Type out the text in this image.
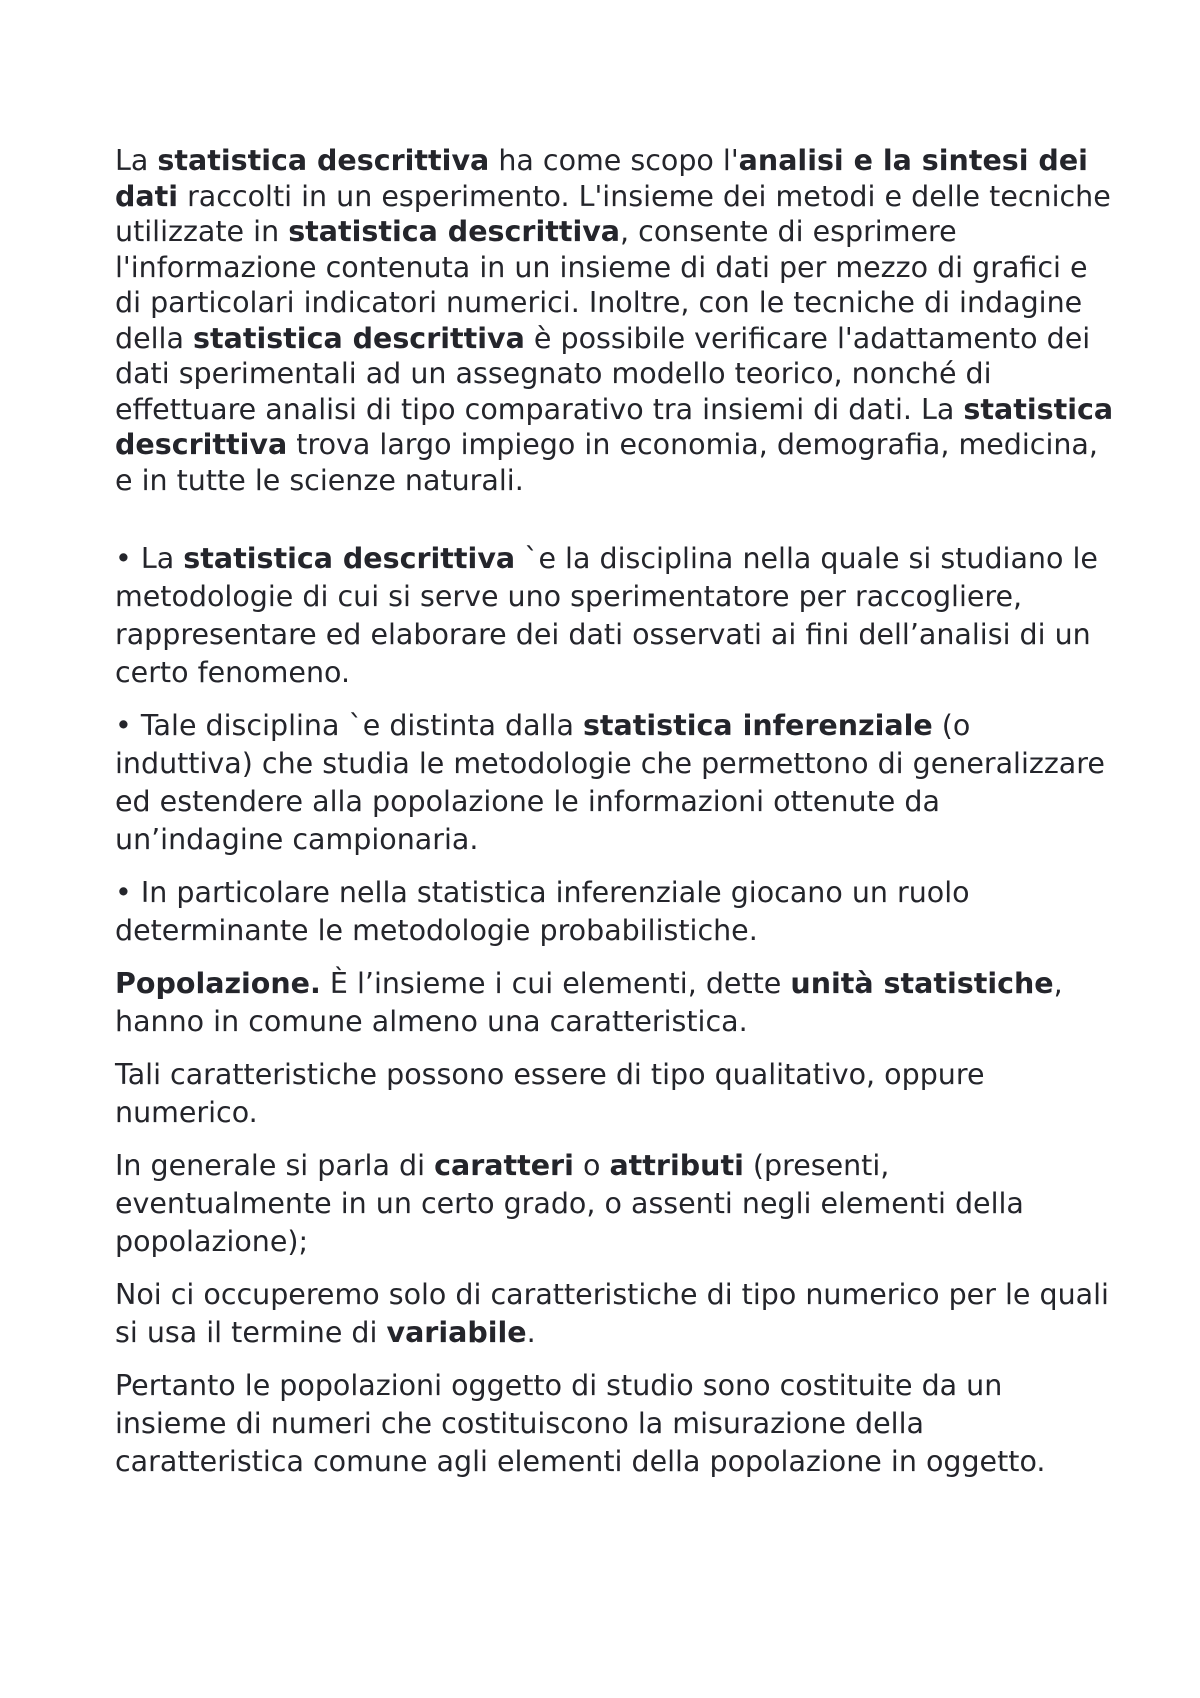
La statistica descrittiva ha come scopo l'analisi e la sintesi dei dati raccolti in un esperimento. L'insieme dei metodi e delle tecniche utilizzate in statistica descrittiva, consente di esprimere l'informazione contenuta in un insieme di dati per mezzo di grafici e di particolari indicatori numerici. Inoltre, con le tecniche di indagine della statistica descrittiva è possibile verificare l'adattamento dei dati sperimentali ad un assegnato modello teorico, nonché di effettuare analisi di tipo comparativo tra insiemi di dati. La statistica descrittiva trova largo impiego in economia, demografia, medicina, e in tutte le scienze naturali.

• La statistica descrittiva `e la disciplina nella quale si studiano le metodologie di cui si serve uno sperimentatore per raccogliere, rappresentare ed elaborare dei dati osservati ai fini dell’analisi di un certo fenomeno.

• Tale disciplina `e distinta dalla statistica inferenziale (o induttiva) che studia le metodologie che permettono di generalizzare ed estendere alla popolazione le informazioni ottenute da un’indagine campionaria.

• In particolare nella statistica inferenziale giocano un ruolo determinante le metodologie probabilistiche.

Popolazione. È l’insieme i cui elementi, dette unità statistiche, hanno in comune almeno una caratteristica.

Tali caratteristiche possono essere di tipo qualitativo, oppure numerico.

In generale si parla di caratteri o attributi (presenti, eventualmente in un certo grado, o assenti negli elementi della popolazione);

Noi ci occuperemo solo di caratteristiche di tipo numerico per le quali si usa il termine di variabile.

Pertanto le popolazioni oggetto di studio sono costituite da un insieme di numeri che costituiscono la misurazione della caratteristica comune agli elementi della popolazione in oggetto.
